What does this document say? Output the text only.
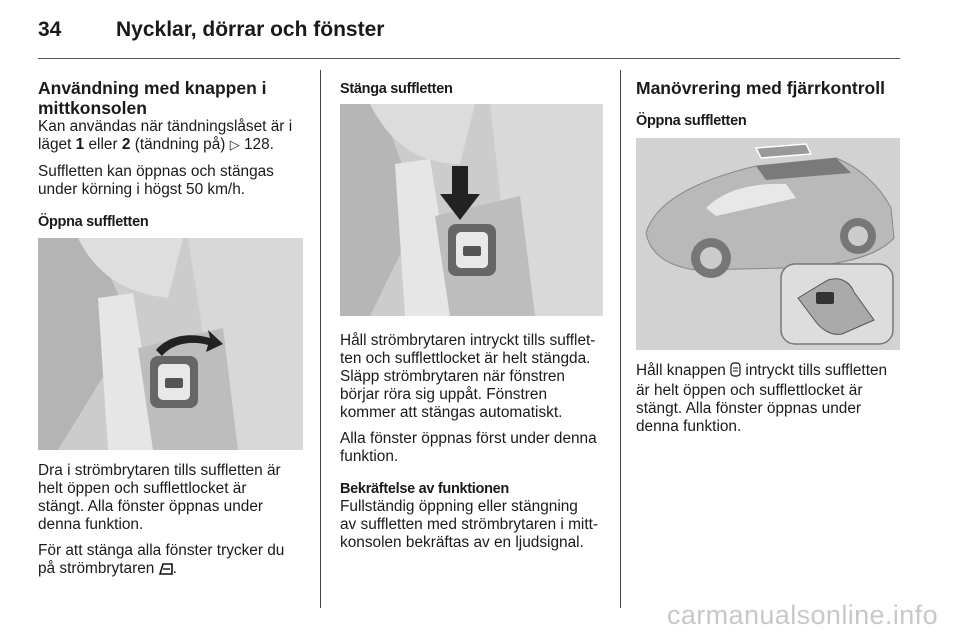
34	Nycklar, dörrar och fönster
Användning med knappen i mittkonsolen

Kan användas när tändningslåset är i
läget 1 eller 2 (tändning på) ▷ 128.

Suffletten kan öppnas och stängas
under körning i högst 50 km/h.

Öppna suffletten

Dra i strömbrytaren tills suffletten är
helt öppen och sufflettlocket är
stängt. Alla fönster öppnas under
denna funktion.

För att stänga alla fönster trycker du
på strömbrytaren .

Stänga suffletten

Håll strömbrytaren intryckt tills sufflet-
ten och sufflettlocket är helt stängda.
Släpp strömbrytaren när fönstren
börjar röra sig uppåt. Fönstren
kommer att stängas automatiskt.

Alla fönster öppnas först under denna
funktion.

Bekräftelse av funktionen

Fullständig öppning eller stängning
av suffletten med strömbrytaren i mitt-
konsolen bekräftas av en ljudsignal.

Manövrering med fjärrkontroll

Öppna suffletten

Håll knappen  intryckt tills suffletten
är helt öppen och sufflettlocket är
stängt. Alla fönster öppnas under
denna funktion.

carmanualsonline.info
